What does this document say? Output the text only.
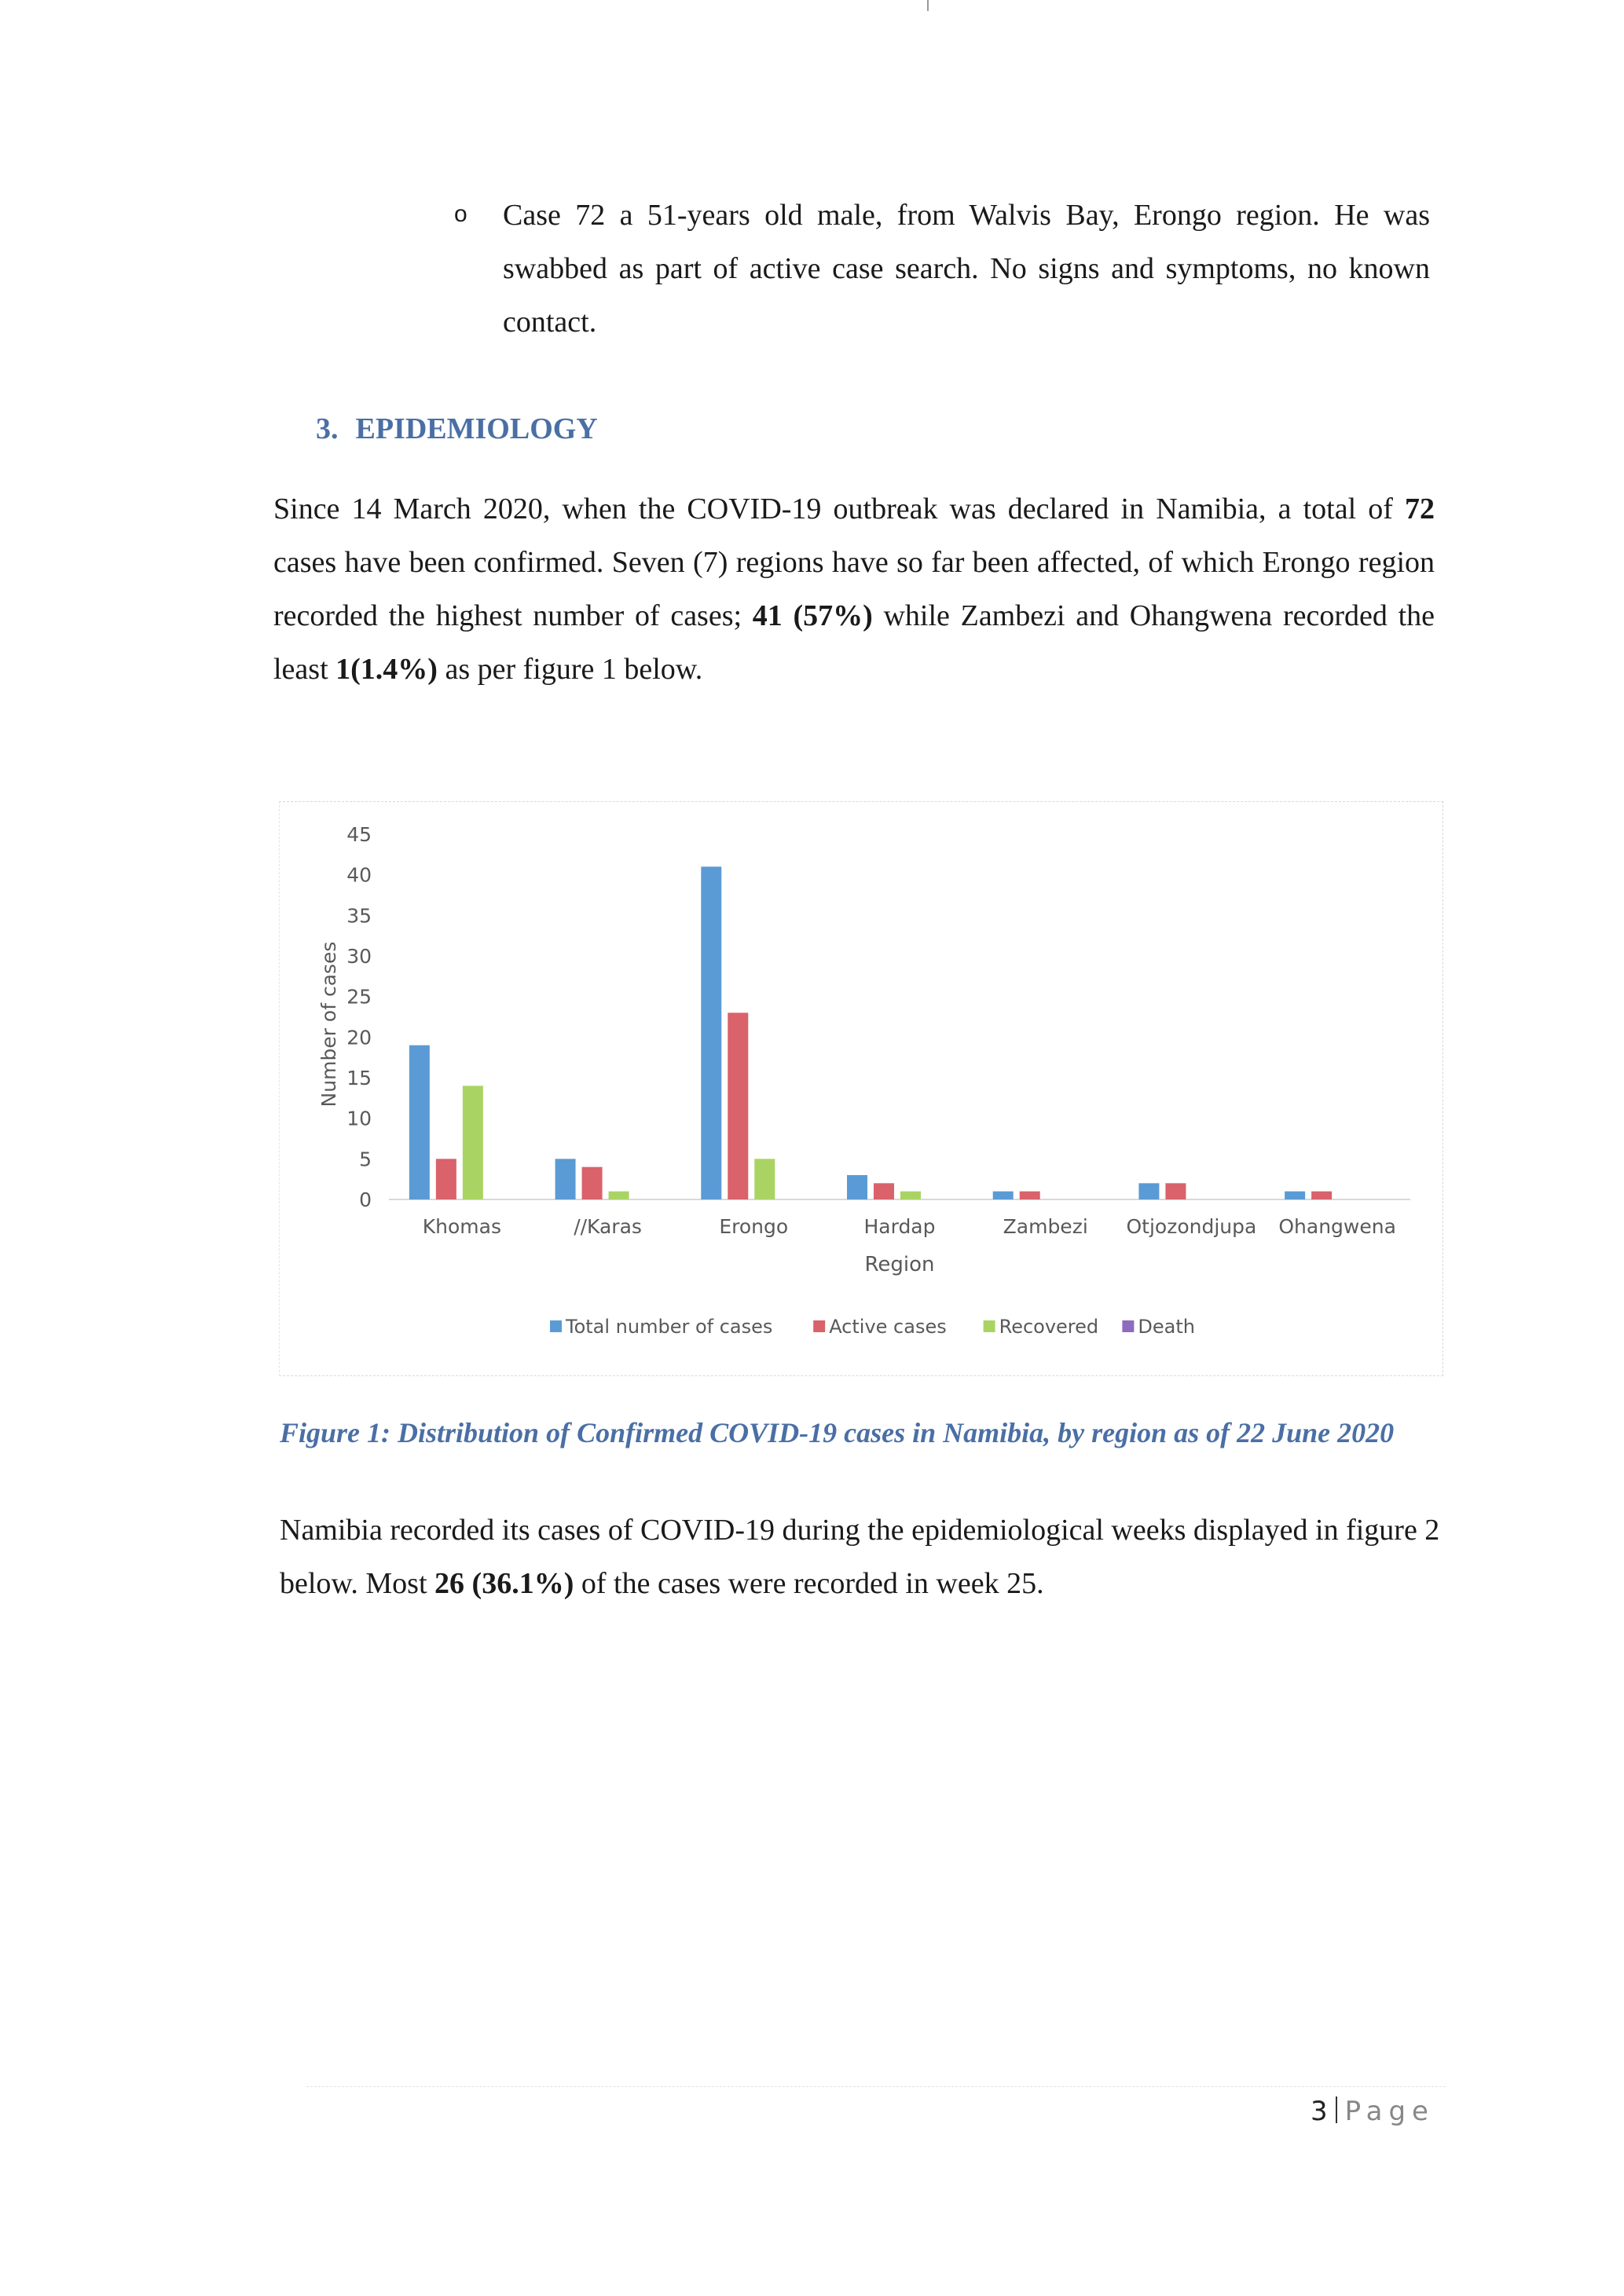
o Case 72 a 51-years old male, from Walvis Bay, Erongo region. He was swabbed as part of active case search. No signs and symptoms, no known contact.
3. EPIDEMIOLOGY
Since 14 March 2020, when the COVID-19 outbreak was declared in Namibia, a total of 72 cases have been confirmed. Seven (7) regions have so far been affected, of which Erongo region recorded the highest number of cases; 41 (57%) while Zambezi and Ohangwena recorded the least 1(1.4%) as per figure 1 below.
0
5
10
15
20
25
30
35
40
45
Number of cases
Khomas	//Karas	Erongo	Hardap	Zambezi Otjozondjupa Ohangwena
Region
Total number of cases	Active cases	Recovered Death
Figure 1: Distribution of Confirmed COVID-19 cases in Namibia, by region as of 22 June 2020
Namibia recorded its cases of COVID-19 during the epidemiological weeks displayed in figure 2 below. Most 26 (36.1%) of the cases were recorded in week 25.
3 Page
